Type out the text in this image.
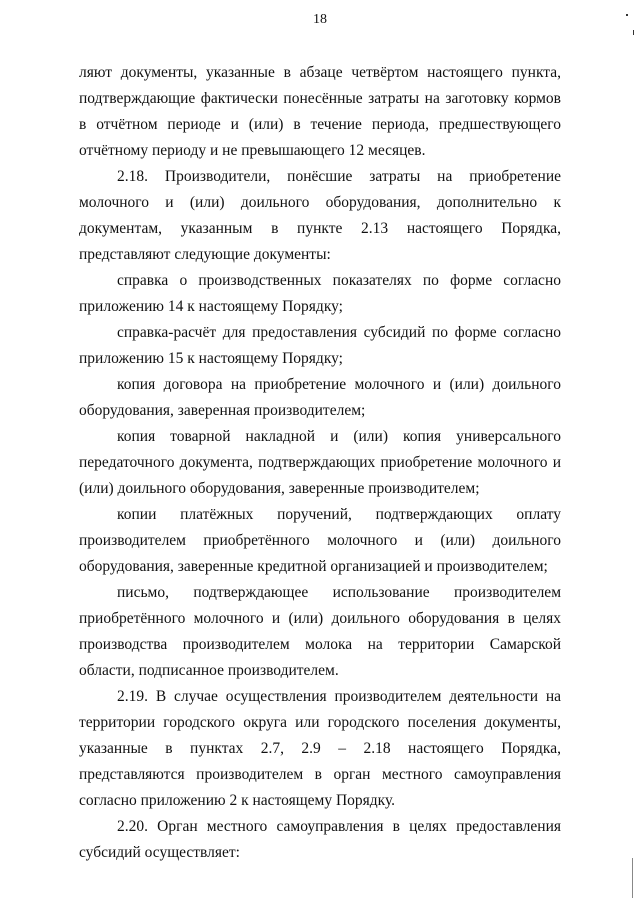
18

ляют документы, указанные в абзаце четвёртом настоящего пункта, подтверждающие фактически понесённые затраты на заготовку кормов в отчётном периоде и (или) в течение периода, предшествующего отчётному периоду и не превышающего 12 месяцев.

2.18. Производители, понёсшие затраты на приобретение молочного и (или) доильного оборудования, дополнительно к документам, указанным в пункте 2.13 настоящего Порядка, представляют следующие документы:

справка о производственных показателях по форме согласно приложению 14 к настоящему Порядку;

справка-расчёт для предоставления субсидий по форме согласно приложению 15 к настоящему Порядку;

копия договора на приобретение молочного и (или) доильного оборудования, заверенная производителем;

копия товарной накладной и (или) копия универсального передаточного документа, подтверждающих приобретение молочного и (или) доильного оборудования, заверенные производителем;

копии платёжных поручений, подтверждающих оплату производителем приобретённого молочного и (или) доильного оборудования, заверенные кредитной организацией и производителем;

письмо, подтверждающее использование производителем приобретённого молочного и (или) доильного оборудования в целях производства производителем молока на территории Самарской области, подписанное производителем.

2.19. В случае осуществления производителем деятельности на территории городского округа или городского поселения документы, указанные в пунктах 2.7, 2.9 – 2.18 настоящего Порядка, представляются производителем в орган местного самоуправления согласно приложению 2 к настоящему Порядку.

2.20. Орган местного самоуправления в целях предоставления субсидий осуществляет:
